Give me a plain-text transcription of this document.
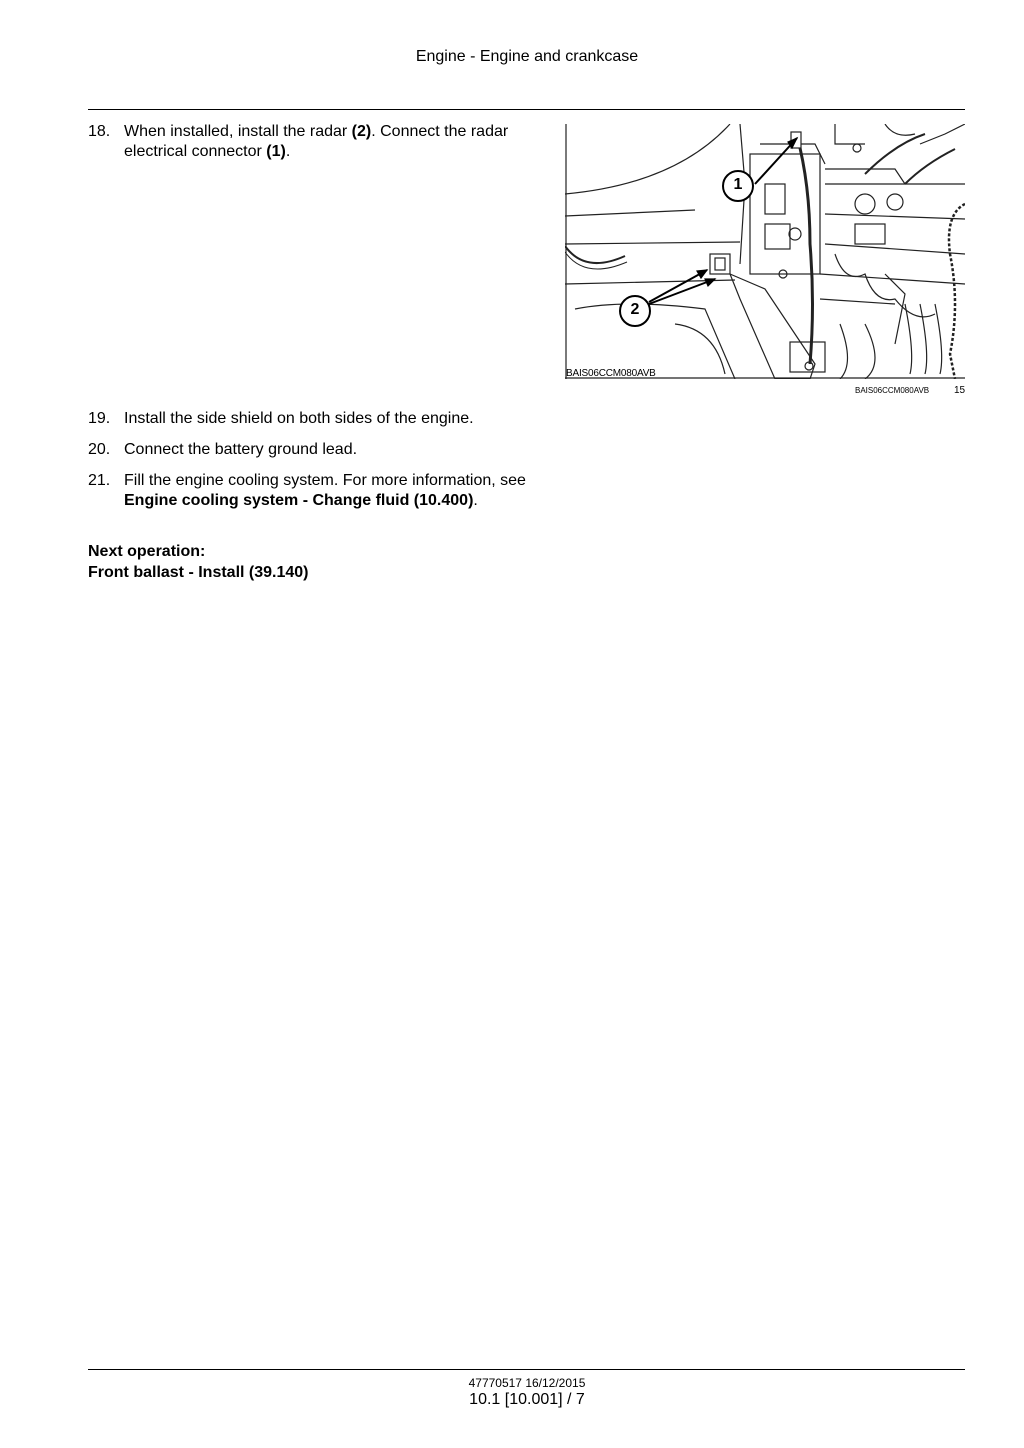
Engine - Engine and crankcase
18. When installed, install the radar (2). Connect the radar electrical connector (1).
1
2
BAIS06CCM080AVB
BAIS06CCM080AVB 15
19. Install the side shield on both sides of the engine.
20. Connect the battery ground lead.
21. Fill the engine cooling system. For more information, see Engine cooling system - Change fluid (10.400).
Next operation:
Front ballast - Install (39.140)
47770517 16/12/2015
10.1 [10.001] / 7
